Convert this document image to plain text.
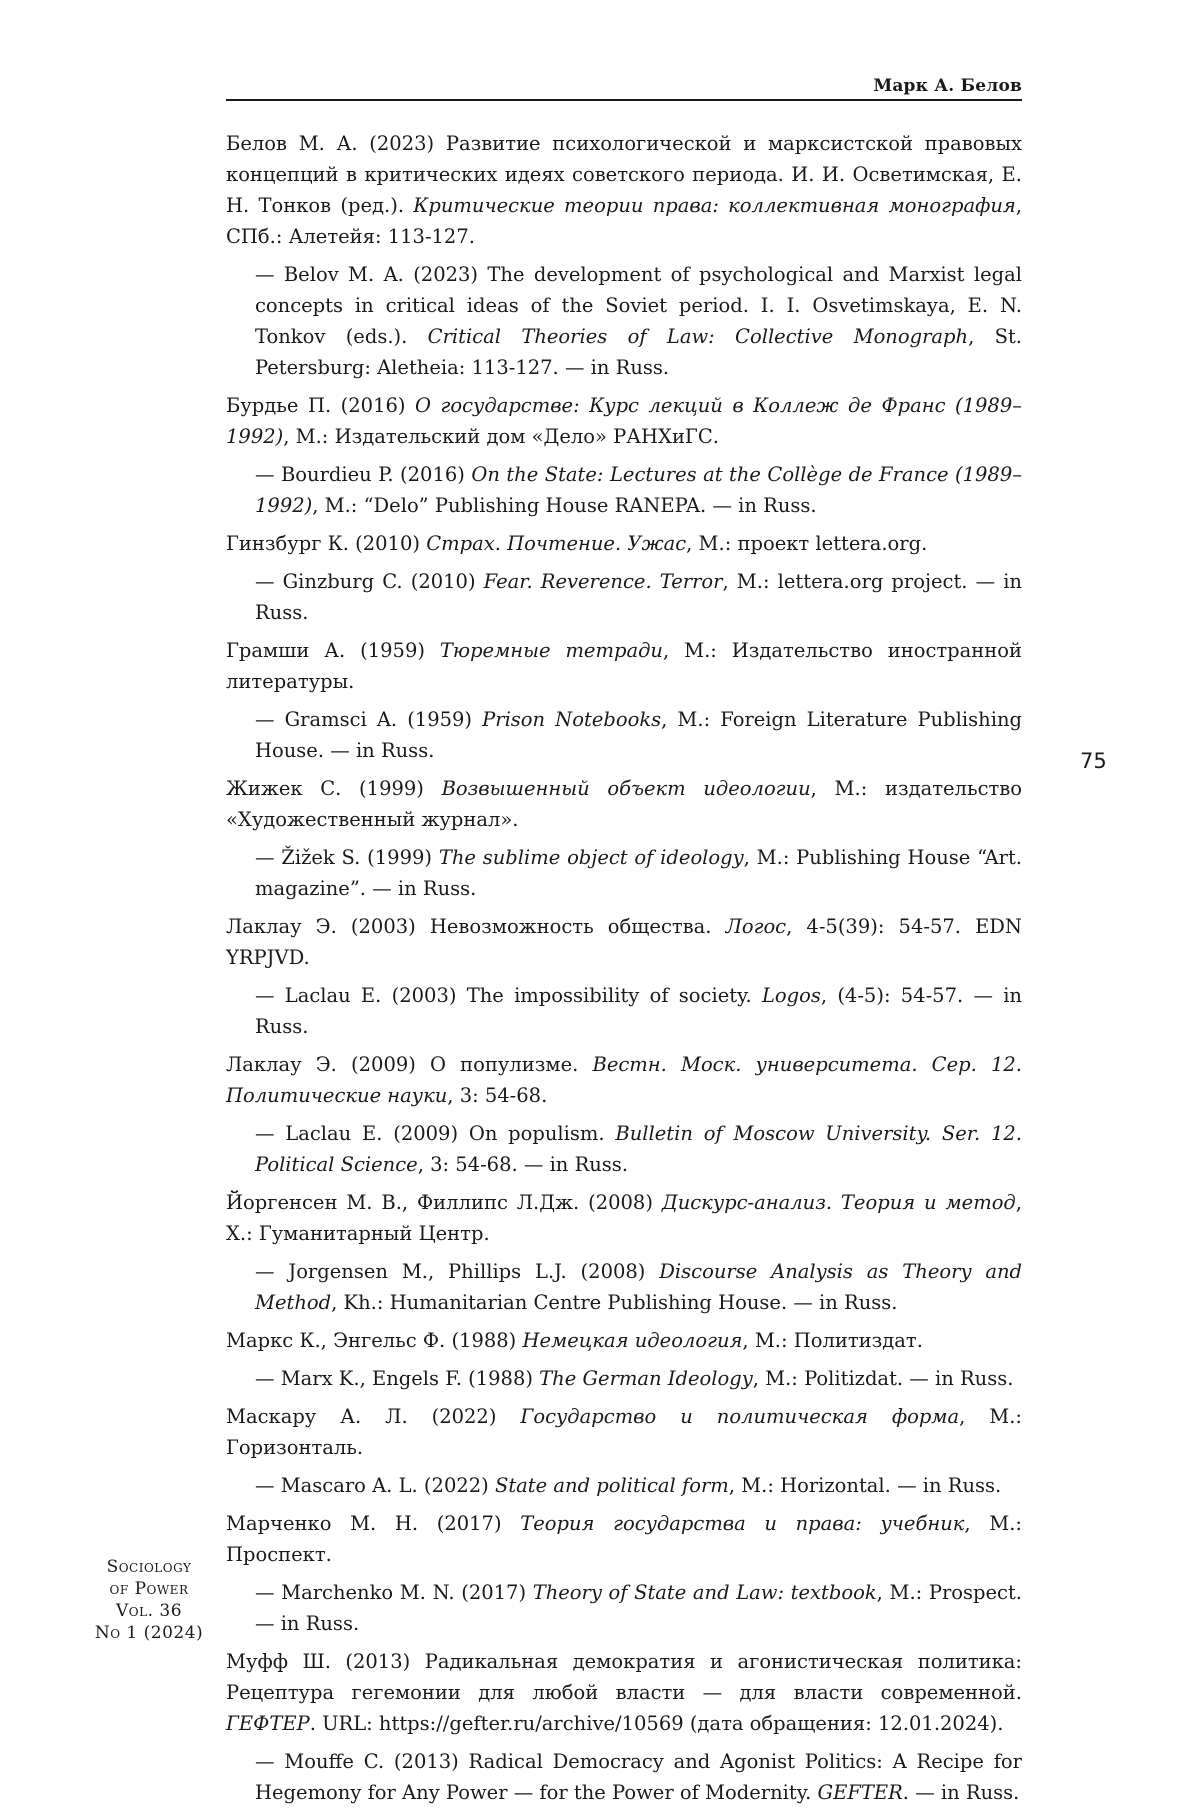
Марк А. Белов

Белов М. А. (2023) Развитие психологической и марксистской правовых концепций в критических идеях советского периода. И. И. Осветимская, Е. Н. Тонков (ред.). Критические теории права: коллективная монография, СПб.: Алетейя: 113-127.

— Belov M. A. (2023) The development of psychological and Marxist legal concepts in critical ideas of the Soviet period. I. I. Osvetimskaya, E. N. Tonkov (eds.). Critical Theories of Law: Collective Monograph, St. Petersburg: Aletheia: 113-127. — in Russ.

Бурдье П. (2016) О государстве: Курс лекций в Коллеж де Франс (1989–1992), М.: Издательский дом «Дело» РАНХиГС.

— Bourdieu P. (2016) On the State: Lectures at the Collège de France (1989–1992), M.: “Delo” Publishing House RANEPA. — in Russ.

Гинзбург К. (2010) Страх. Почтение. Ужас, М.: проект lettera.org.

— Ginzburg C. (2010) Fear. Reverence. Terror, M.: lettera.org project. — in Russ.

Грамши А. (1959) Тюремные тетради, М.: Издательство иностранной литературы.

— Gramsci A. (1959) Prison Notebooks, M.: Foreign Literature Publishing House. — in Russ.

Жижек С. (1999) Возвышенный объект идеологии, М.: издательство «Художественный журнал».

— Žižek S. (1999) The sublime object of ideology, M.: Publishing House “Art. magazine”. — in Russ.

Лаклау Э. (2003) Невозможность общества. Логос, 4-5(39): 54-57. EDN YRPJVD.

— Laclau E. (2003) The impossibility of society. Logos, (4-5): 54-57. — in Russ.

Лаклау Э. (2009) О популизме. Вестн. Моск. университета. Сер. 12. Политические науки, 3: 54-68.

— Laclau E. (2009) On populism. Bulletin of Moscow University. Ser. 12. Political Science, 3: 54-68. — in Russ.

Йоргенсен М. В., Филлипс Л.Дж. (2008) Дискурс-анализ. Теория и метод, Х.: Гуманитарный Центр.

— Jorgensen M., Phillips L.J. (2008) Discourse Analysis as Theory and Method, Kh.: Humanitarian Centre Publishing House. — in Russ.

Маркс К., Энгельс Ф. (1988) Немецкая идеология, М.: Политиздат.

— Marx K., Engels F. (1988) The German Ideology, M.: Politizdat. — in Russ.

Маскару А. Л. (2022) Государство и политическая форма, М.: Горизонталь.

— Mascaro A. L. (2022) State and political form, M.: Horizontal. — in Russ.

Марченко М. Н. (2017) Теория государства и права: учебник, М.: Проспект.

— Marchenko M. N. (2017) Theory of State and Law: textbook, M.: Prospect. — in Russ.

Муфф Ш. (2013) Радикальная демократия и агонистическая политика: Рецептура гегемонии для любой власти — для власти современной. ГЕФТЕР. URL: https://gefter.ru/archive/10569 (дата обращения: 12.01.2024).

— Mouffe C. (2013) Radical Democracy and Agonist Politics: A Recipe for Hegemony for Any Power — for the Power of Modernity. GEFTER. — in Russ.

75
Sociology
of Power
Vol. 36
No 1 (2024)
